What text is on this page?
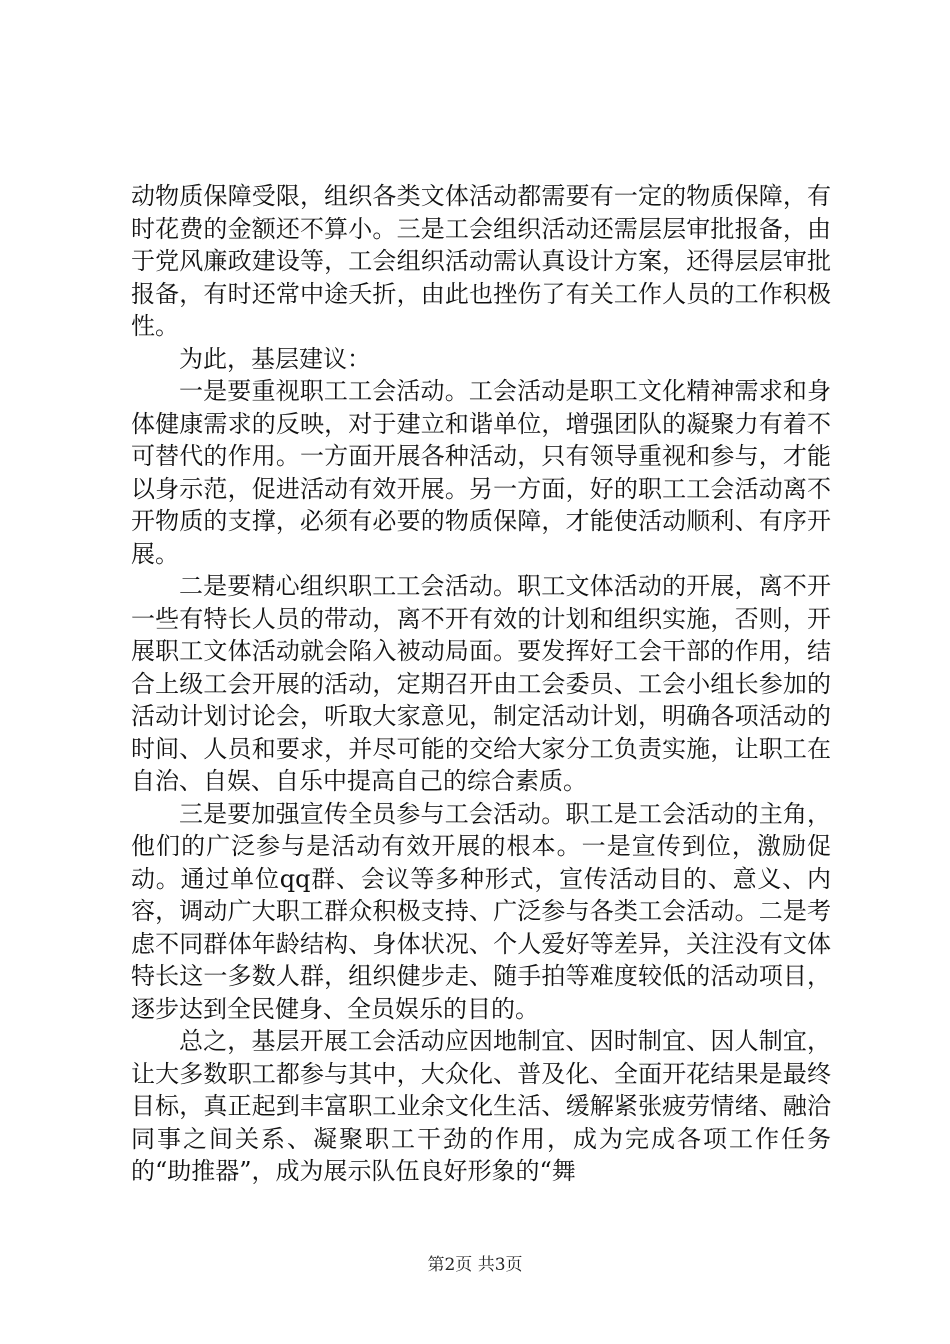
动物质保障受限，组织各类文体活动都需要有一定的物质保障，有时花费的金额还不算小。三是工会组织活动还需层层审批报备，由于党风廉政建设等，工会组织活动需认真设计方案，还得层层审批报备，有时还常中途夭折，由此也挫伤了有关工作人员的工作积极性。

为此，基层建议：

一是要重视职工工会活动。工会活动是职工文化精神需求和身体健康需求的反映，对于建立和谐单位，增强团队的凝聚力有着不可替代的作用。一方面开展各种活动，只有领导重视和参与，才能以身示范，促进活动有效开展。另一方面，好的职工工会活动离不开物质的支撑，必须有必要的物质保障，才能使活动顺利、有序开展。

二是要精心组织职工工会活动。职工文体活动的开展，离不开一些有特长人员的带动，离不开有效的计划和组织实施，否则，开展职工文体活动就会陷入被动局面。要发挥好工会干部的作用，结合上级工会开展的活动，定期召开由工会委员、工会小组长参加的活动计划讨论会，听取大家意见，制定活动计划，明确各项活动的时间、人员和要求，并尽可能的交给大家分工负责实施，让职工在自治、自娱、自乐中提高自己的综合素质。

三是要加强宣传全员参与工会活动。职工是工会活动的主角，他们的广泛参与是活动有效开展的根本。一是宣传到位，激励促动。通过单位qq群、会议等多种形式，宣传活动目的、意义、内容，调动广大职工群众积极支持、广泛参与各类工会活动。二是考虑不同群体年龄结构、身体状况、个人爱好等差异，关注没有文体特长这一多数人群，组织健步走、随手拍等难度较低的活动项目，逐步达到全民健身、全员娱乐的目的。

总之，基层开展工会活动应因地制宜、因时制宜、因人制宜，让大多数职工都参与其中，大众化、普及化、全面开花结果是最终目标，真正起到丰富职工业余文化生活、缓解紧张疲劳情绪、融洽同事之间关系、凝聚职工干劲的作用，成为完成各项工作任务的“助推器”，成为展示队伍良好形象的“舞

第2页 共3页
